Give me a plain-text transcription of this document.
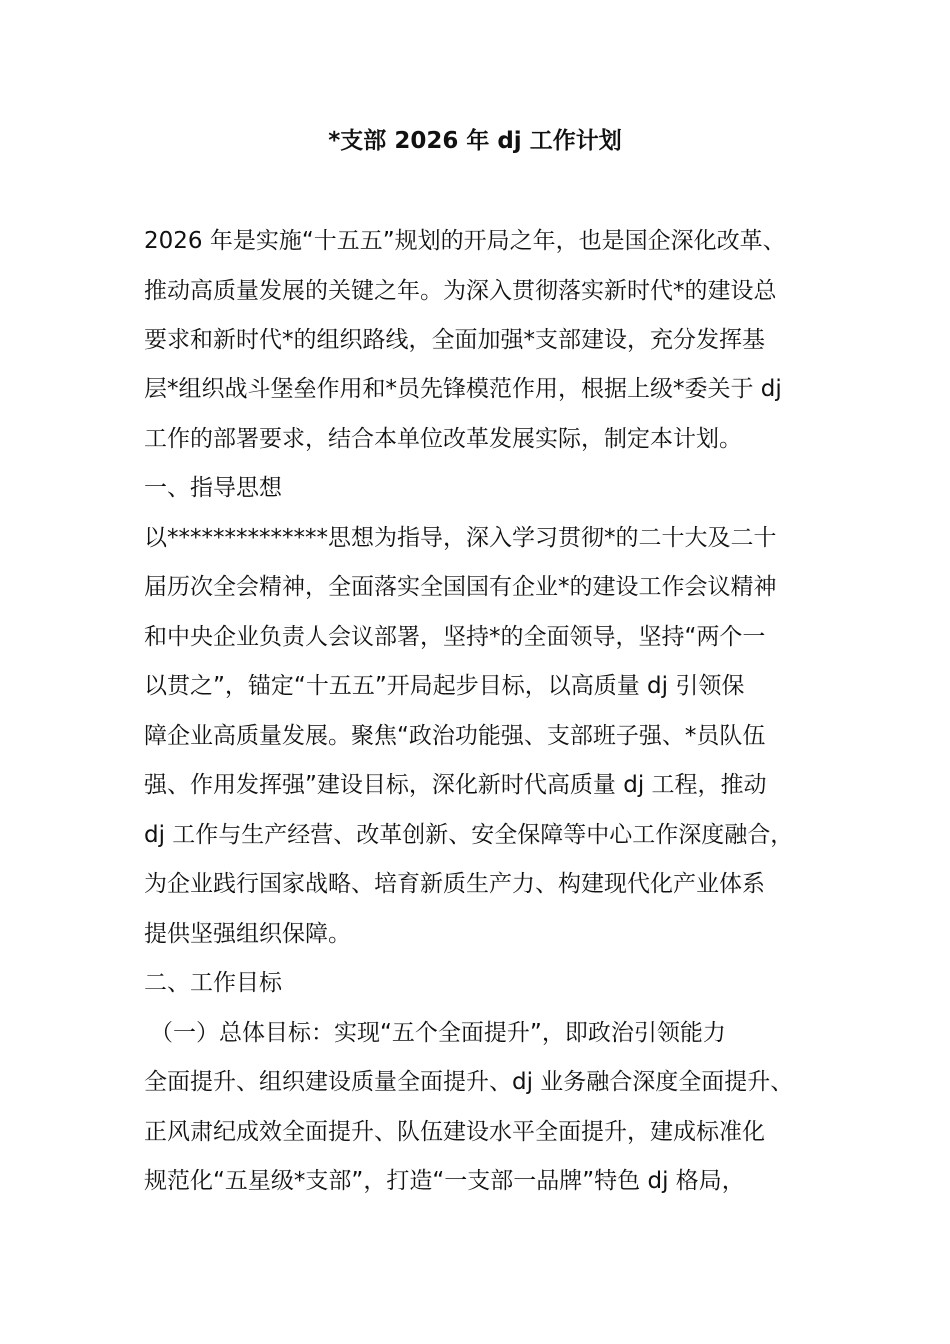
*支部 2026 年 dj 工作计划

2026 年是实施“十五五”规划的开局之年，也是国企深化改革、

推动高质量发展的关键之年。为深入贯彻落实新时代*的建设总

要求和新时代*的组织路线，全面加强*支部建设，充分发挥基

层*组织战斗堡垒作用和*员先锋模范作用，根据上级*委关于 dj

工作的部署要求，结合本单位改革发展实际，制定本计划。

一、指导思想

以**************思想为指导，深入学习贯彻*的二十大及二十

届历次全会精神，全面落实全国国有企业*的建设工作会议精神

和中央企业负责人会议部署，坚持*的全面领导，坚持“两个一

以贯之”，锚定“十五五”开局起步目标，以高质量 dj 引领保

障企业高质量发展。聚焦“政治功能强、支部班子强、*员队伍

强、作用发挥强”建设目标，深化新时代高质量 dj 工程，推动

dj 工作与生产经营、改革创新、安全保障等中心工作深度融合，

为企业践行国家战略、培育新质生产力、构建现代化产业体系

提供坚强组织保障。

二、工作目标

（一）总体目标：实现“五个全面提升”，即政治引领能力

全面提升、组织建设质量全面提升、dj 业务融合深度全面提升、

正风肃纪成效全面提升、队伍建设水平全面提升，建成标准化

规范化“五星级*支部”，打造“一支部一品牌”特色 dj 格局，
